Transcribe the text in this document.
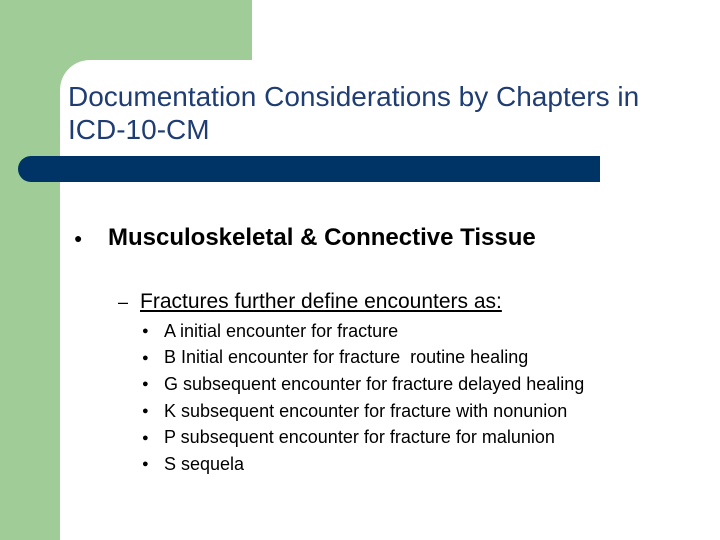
Documentation Considerations by Chapters in ICD-10-CM
●	Musculoskeletal & Connective Tissue
– Fractures further define encounters as:
● A initial encounter for fracture
● B Initial encounter for fracture  routine healing
● G subsequent encounter for fracture delayed healing
● K subsequent encounter for fracture with nonunion
● P subsequent encounter for fracture for malunion
● S sequela
